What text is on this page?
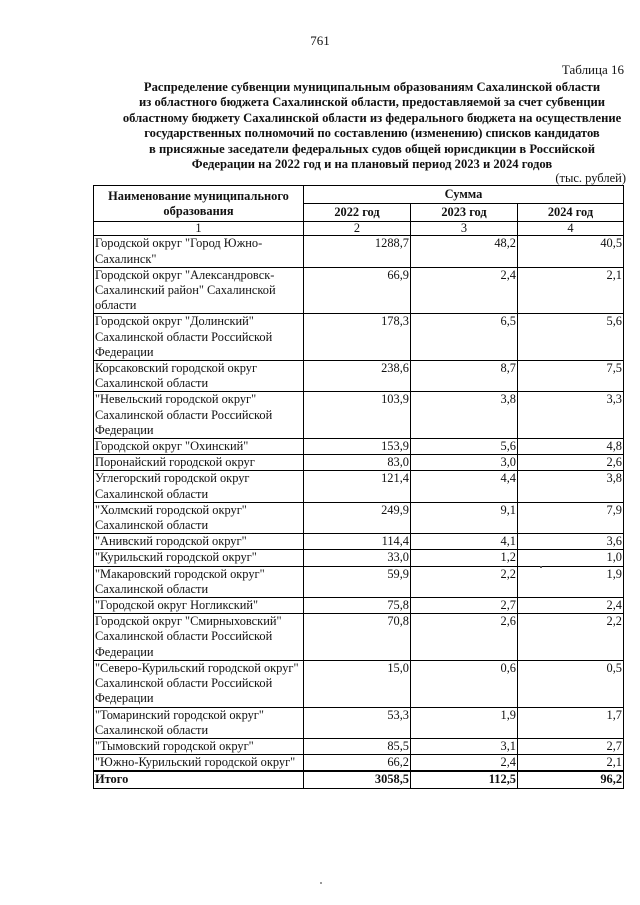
761
Таблица 16
Распределение субвенции муниципальным образованиям Сахалинской области
из областного бюджета Сахалинской области, предоставляемой за счет субвенции
областному бюджету Сахалинской области из федерального бюджета на осуществление
государственных полномочий по составлению (изменению) списков кандидатов
в присяжные заседатели федеральных судов общей юрисдикции в Российской
Федерации на 2022 год и на плановый период 2023 и 2024 годов
(тыс. рублей)
Наименование муниципального образования	Сумма		
	2022 год	2023 год	2024 год
1	2	3	4
Городской округ "Город Южно-Сахалинск"	1288,7	48,2	40,5
Городской округ "Александровск-Сахалинский район" Сахалинской области	66,9	2,4	2,1
Городской округ "Долинский" Сахалинской области Российской Федерации	178,3	6,5	5,6
Корсаковский городской округ Сахалинской области	238,6	8,7	7,5
"Невельский городской округ" Сахалинской области Российской Федерации	103,9	3,8	3,3
Городской округ "Охинский"	153,9	5,6	4,8
Поронайский городской округ	83,0	3,0	2,6
Углегорский городской округ Сахалинской области	121,4	4,4	3,8
"Холмский городской округ" Сахалинской области	249,9	9,1	7,9
"Анивский городской округ"	114,4	4,1	3,6
"Курильский городской округ"	33,0	1,2	1,0
"Макаровский городской округ" Сахалинской области	59,9	2,2	1,9
"Городской округ Ногликский"	75,8	2,7	2,4
Городской округ "Смирныховский" Сахалинской области Российской Федерации	70,8	2,6	2,2
"Северо-Курильский городской округ" Сахалинской области Российской Федерации	15,0	0,6	0,5
"Томаринский городской округ" Сахалинской области	53,3	1,9	1,7
"Тымовский городской округ"	85,5	3,1	2,7
"Южно-Курильский городской округ"	66,2	2,4	2,1
Итого	3058,5	112,5	96,2
